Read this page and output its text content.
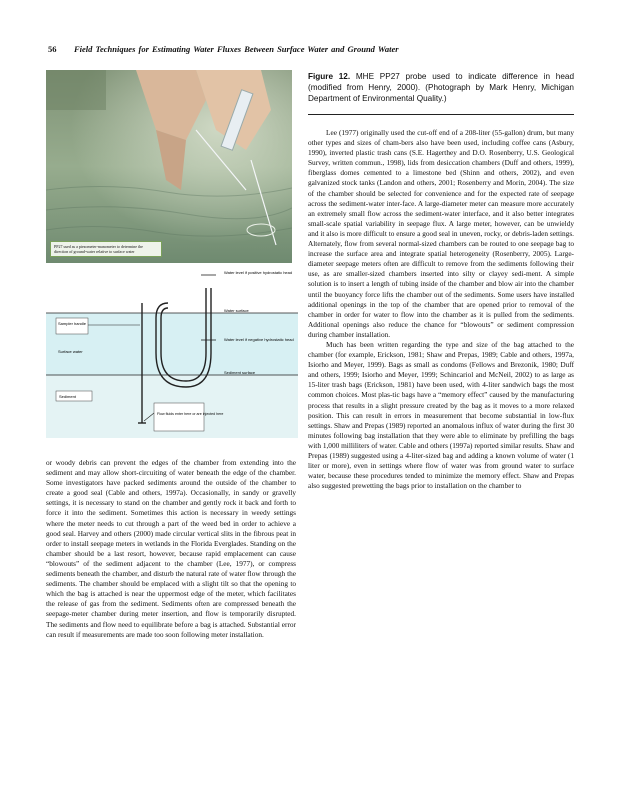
56 Field Techniques for Estimating Water Fluxes Between Surface Water and Ground Water
PP27 used as a piezometer-manometer to determine the direction of ground-water relative to surface water
Water level if positive hydrostatic head
Water surface
Sampler handle
Water level if negative hydrostatic head
Surface water
Sediment surface
Sediment
Flow fluids enter here or are injected here
Figure 12. MHE PP27 probe used to indicate difference in head (modified from Henry, 2000). (Photograph by Mark Henry, Michigan Department of Environmental Quality.)

or woody debris can prevent the edges of the chamber from extending into the sediment and may allow short-circuiting of water beneath the edge of the chamber. Some investigators have packed sediments around the outside of the chamber to create a good seal (Cable and others, 1997a). Occasionally, in sandy or gravelly settings, it is necessary to stand on the chamber and gently rock it back and forth to force it into the sediment. Sometimes this action is necessary in weedy settings where the meter needs to cut through a part of the weed bed in order to achieve a good seal. Harvey and others (2000) made circular vertical slits in the fibrous peat in order to install seepage meters in wetlands in the Florida Everglades. Standing on the chamber should be a last resort, however, because rapid emplacement can cause “blowouts” of the sediment adjacent to the chamber (Lee, 1977), or compress sediments beneath the chamber, and disturb the natural rate of water flow through the sediments. The chamber should be emplaced with a slight tilt so that the opening to which the bag is attached is near the uppermost edge of the meter, which facilitates the release of gas from the sediment. Sediments often are compressed beneath the seepage-meter chamber during meter insertion, and flow is temporarily disrupted. The sediments and flow need to equilibrate before a bag is attached. Substantial error can result if measurements are made too soon following meter installation.

Lee (1977) originally used the cut-off end of a 208-liter (55-gallon) drum, but many other types and sizes of cham-bers also have been used, including coffee cans (Asbury, 1990), inverted plastic trash cans (S.E. Hagerthey and D.O. Rosenberry, U.S. Geological Survey, written commun., 1998), lids from desiccation chambers (Duff and others, 1999), fiberglass domes cemented to a limestone bed (Shinn and others, 2002), and even galvanized stock tanks (Landon and others, 2001; Rosenberry and Morin, 2004). The size of the chamber should be selected for convenience and for the expected rate of seepage across the sediment-water inter-face. A large-diameter meter can measure more accurately an extremely small flow across the sediment-water interface, and it also better integrates small-scale spatial variability in seepage flux. A large meter, however, can be unwieldy and it also is more difficult to ensure a good seal in uneven, rocky, or debris-laden settings. Alternately, flow from several normal-sized chambers can be routed to one seepage bag to increase the surface area and integrate spatial heterogeneity (Rosenberry, 2005). Large-diameter seepage meters often are difficult to remove from the sediments following their use, as are smaller-sized chambers inserted into silty or clayey sedi-ment. A simple solution is to insert a length of tubing inside of the chamber and blow air into the chamber until the buoyancy force lifts the chamber out of the sediments. Some users have installed additional openings in the top of the chamber that are opened prior to removal of the chamber in order for water to flow into the chamber as it is pulled from the sediments. Additional openings also reduce the chance for “blowouts” or sediment compression during chamber installation.

Much has been written regarding the type and size of the bag attached to the chamber (for example, Erickson, 1981; Shaw and Prepas, 1989; Cable and others, 1997a, Isiorho and Meyer, 1999). Bags as small as condoms (Fellows and Brezonik, 1980; Duff and others, 1999; Isiorho and Meyer, 1999; Schincariol and McNeil, 2002) to as large as 15-liter trash bags (Erickson, 1981) have been used, with 4-liter sandwich bags the most common choices. Most plas-tic bags have a “memory effect” caused by the manufacturing process that results in a slight pressure created by the bag as it moves to a more relaxed position. This can result in errors in measurement that become substantial in low-flux settings. Shaw and Prepas (1989) reported an anomalous influx of water during the first 30 minutes following bag installation that they were able to eliminate by prefilling the bags with 1,000 milliliters of water. Cable and others (1997a) reported similar results. Shaw and Prepas (1989) suggested using a 4-liter-sized bag and adding a known volume of water (1 liter or more), even in settings where flow of water was from ground water to surface water, because these procedures tended to minimize the memory effect. Shaw and Prepas also suggested prewetting the bags prior to installation on the chamber to
